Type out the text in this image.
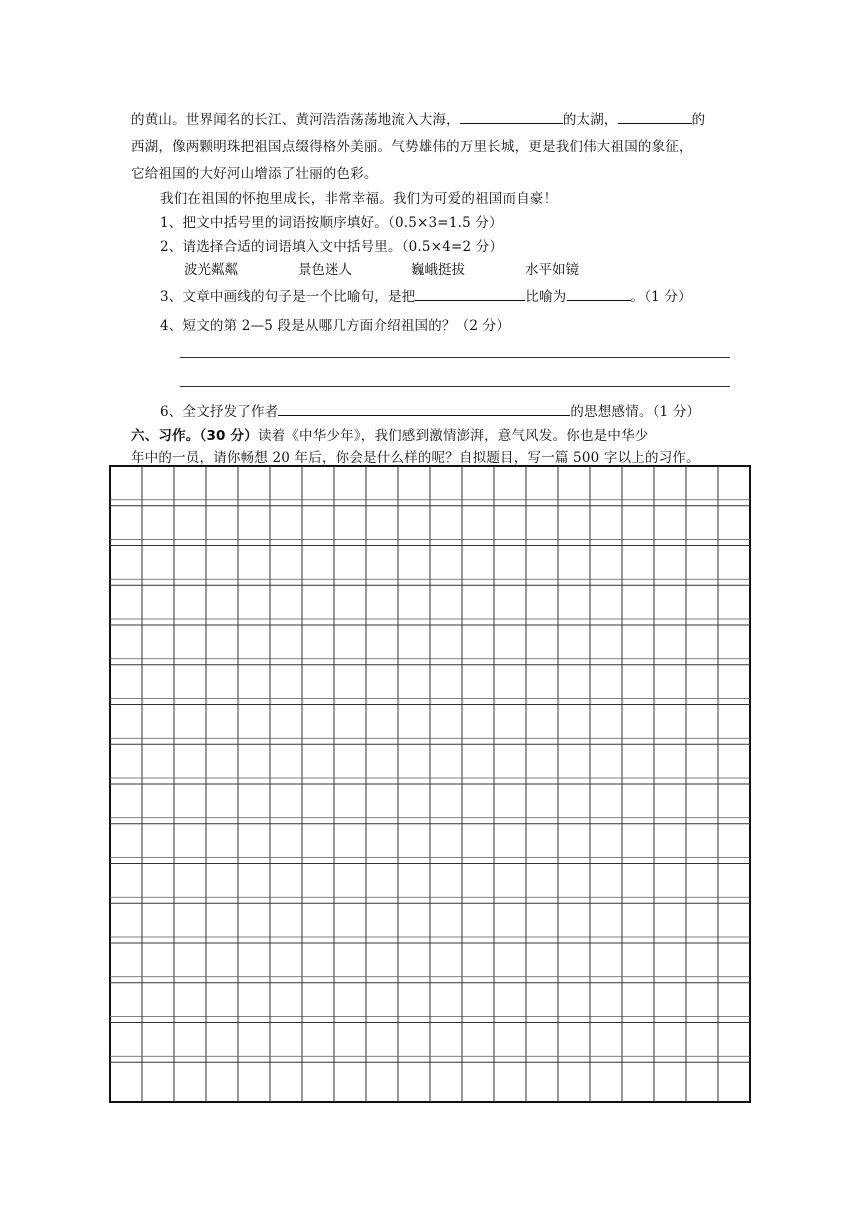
的黄山。世界闻名的长江、黄河浩浩荡荡地流入大海，	的太湖，	的
西湖，像两颗明珠把祖国点缀得格外美丽。气势雄伟的万里长城，更是我们伟大祖国的象征，
它给祖国的大好河山增添了壮丽的色彩。
我们在祖国的怀抱里成长，非常幸福。我们为可爱的祖国而自豪！
1、把文中括号里的词语按顺序填好。（0.5×3=1.5 分）
2、请选择合适的词语填入文中括号里。（0.5×4=2 分）
波光粼粼	景色迷人	巍峨挺拔	水平如镜
3、文章中画线的句子是一个比喻句，是把	比喻为	。（1 分）
4、短文的第 2—5 段是从哪几方面介绍祖国的？（2 分）
6、全文抒发了作者	的思想感情。（1 分）
六、习作。（30 分）读着《中华少年》，我们感到激情澎湃，意气风发。你也是中华少
年中的一员，请你畅想 20 年后，你会是什么样的呢？自拟题目，写一篇 500 字以上的习作。
